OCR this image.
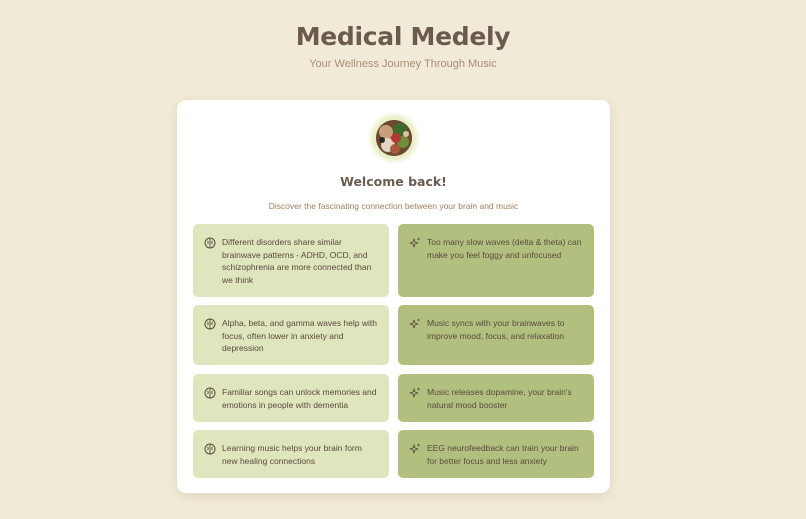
Medical Medely
Your Wellness Journey Through Music
Welcome back!
Discover the fascinating connection between your brain and music
Different disorders share similar brainwave patterns - ADHD, OCD, and schizophrenia are more connected than we think
Alpha, beta, and gamma waves help with focus, often lower in anxiety and depression
Familiar songs can unlock memories and emotions in people with dementia
Learning music helps your brain form new healing connections
Too many slow waves (delta & theta) can make you feel foggy and unfocused
Music syncs with your brainwaves to improve mood, focus, and relaxation
Music releases dopamine, your brain's natural mood booster
EEG neurofeedback can train your brain for better focus and less anxiety
